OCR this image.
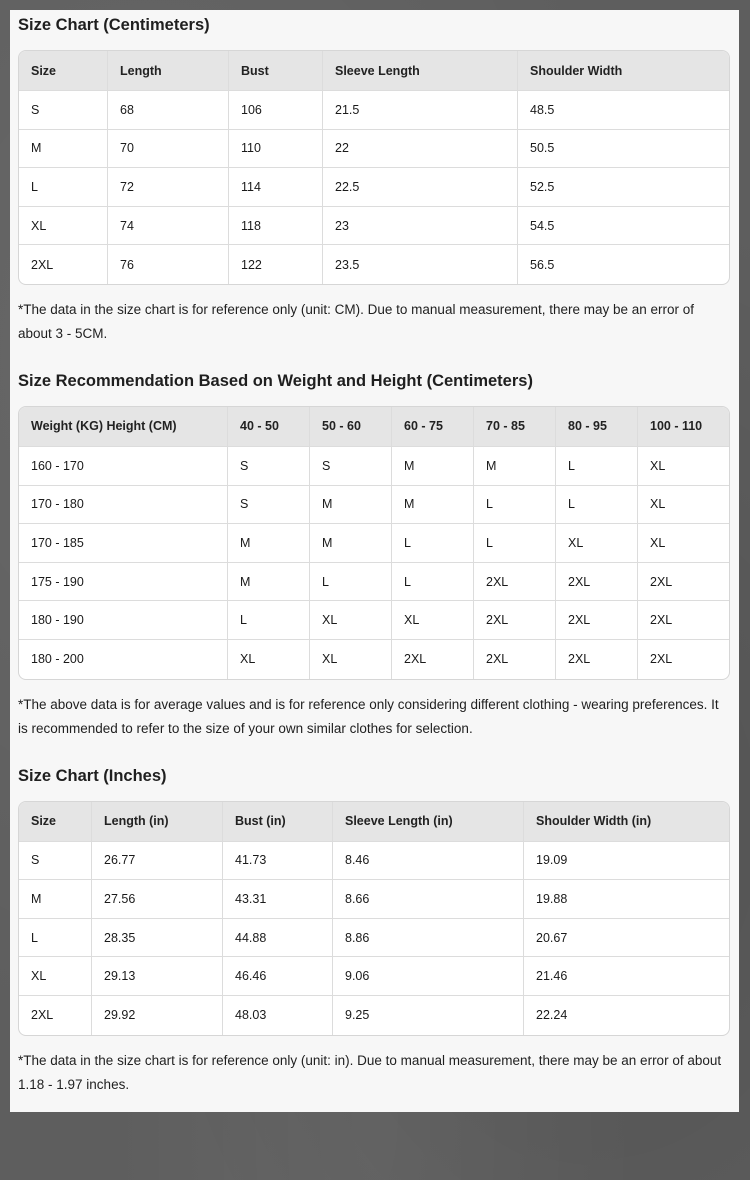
Size Chart (Centimeters)
Size	Length	Bust	Sleeve Length	Shoulder Width
S	68	106	21.5	48.5
M	70	110	22	50.5
L	72	114	22.5	52.5
XL	74	118	23	54.5
2XL	76	122	23.5	56.5

*The data in the size chart is for reference only (unit: CM). Due to manual measurement, there may be an error of about 3 - 5CM.

Size Recommendation Based on Weight and Height (Centimeters)
Weight (KG) Height (CM)	40 - 50	50 - 60	60 - 75	70 - 85	80 - 95	100 - 110
160 - 170	S	S	M	M	L	XL
170 - 180	S	M	M	L	L	XL
170 - 185	M	M	L	L	XL	XL
175 - 190	M	L	L	2XL	2XL	2XL
180 - 190	L	XL	XL	2XL	2XL	2XL
180 - 200	XL	XL	2XL	2XL	2XL	2XL

*The above data is for average values and is for reference only considering different clothing - wearing preferences. It is recommended to refer to the size of your own similar clothes for selection.

Size Chart (Inches)
Size	Length (in)	Bust (in)	Sleeve Length (in)	Shoulder Width (in)
S	26.77	41.73	8.46	19.09
M	27.56	43.31	8.66	19.88
L	28.35	44.88	8.86	20.67
XL	29.13	46.46	9.06	21.46
2XL	29.92	48.03	9.25	22.24

*The data in the size chart is for reference only (unit: in). Due to manual measurement, there may be an error of about 1.18 - 1.97 inches.
